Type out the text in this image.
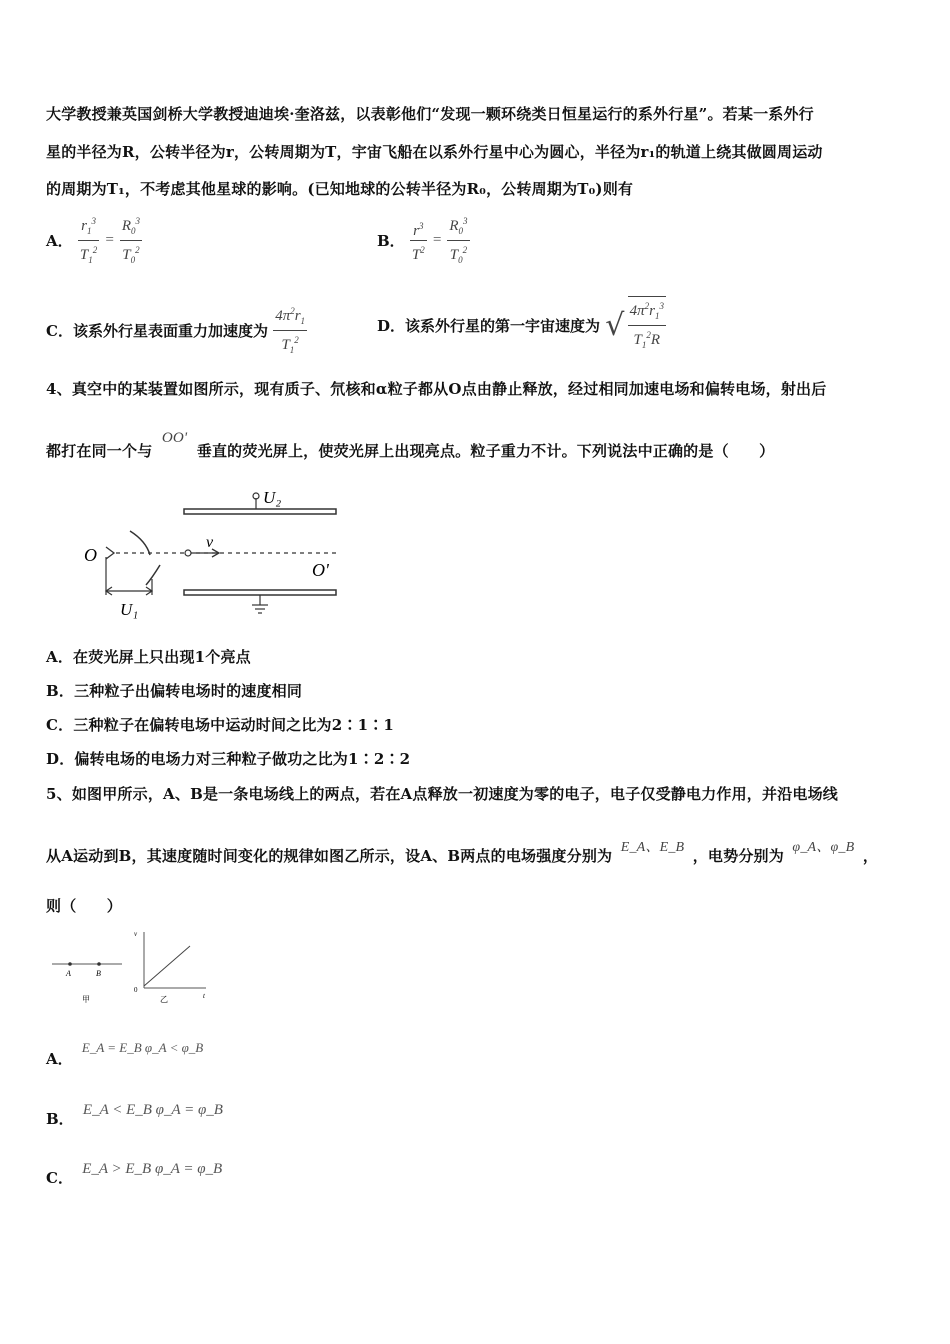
大学教授兼英国剑桥大学教授迪迪埃·奎洛兹，以表彰他们“发现一颗环绕类日恒星运行的系外行星”。若某一系外行
星的半径为R，公转半径为r，公转周期为T，宇宙飞船在以系外行星中心为圆心，半径为r₁的轨道上绕其做圆周运动
的周期为T₁，不考虑其他星球的影响。(已知地球的公转半径为R₀，公转周期为T₀)则有
A． $\frac{r_1^3}{T_1^2} = \frac{R_0^3}{T_0^2}$	B． $\frac{r^3}{T^2} = \frac{R_0^3}{T_0^2}$
C．该系外行星表面重力加速度为 $\frac{4\pi^2r_1}{T_1^2}$	D．该系外行星的第一宇宙速度为 √ $\frac{4\pi^2r_1^3}{T_1^2R}$
4、真空中的某装置如图所示，现有质子、氘核和α粒子都从O点由静止释放，经过相同加速电场和偏转电场，射出后
都打在同一个与 OO' 垂直的荧光屏上，使荧光屏上出现亮点。粒子重力不计。下列说法中正确的是（　　）
U₂
O
v
O'
U₁
A．在荧光屏上只出现1个亮点
B．三种粒子出偏转电场时的速度相同
C．三种粒子在偏转电场中运动时间之比为2∶1∶1
D．偏转电场的电场力对三种粒子做功之比为1∶2∶2
5、如图甲所示，A、B是一条电场线上的两点，若在A点释放一初速度为零的电子，电子仅受静电力作用，并沿电场线
从A运动到B，其速度随时间变化的规律如图乙所示，设A、B两点的电场强度分别为 E_A、E_B ，电势分别为 φ_A、φ_B ，
则（　　）
A	B
甲
v
t
0
乙
A． E_A = E_B φ_A < φ_B
B． E_A < E_B φ_A = φ_B
C． E_A > E_B φ_A = φ_B
